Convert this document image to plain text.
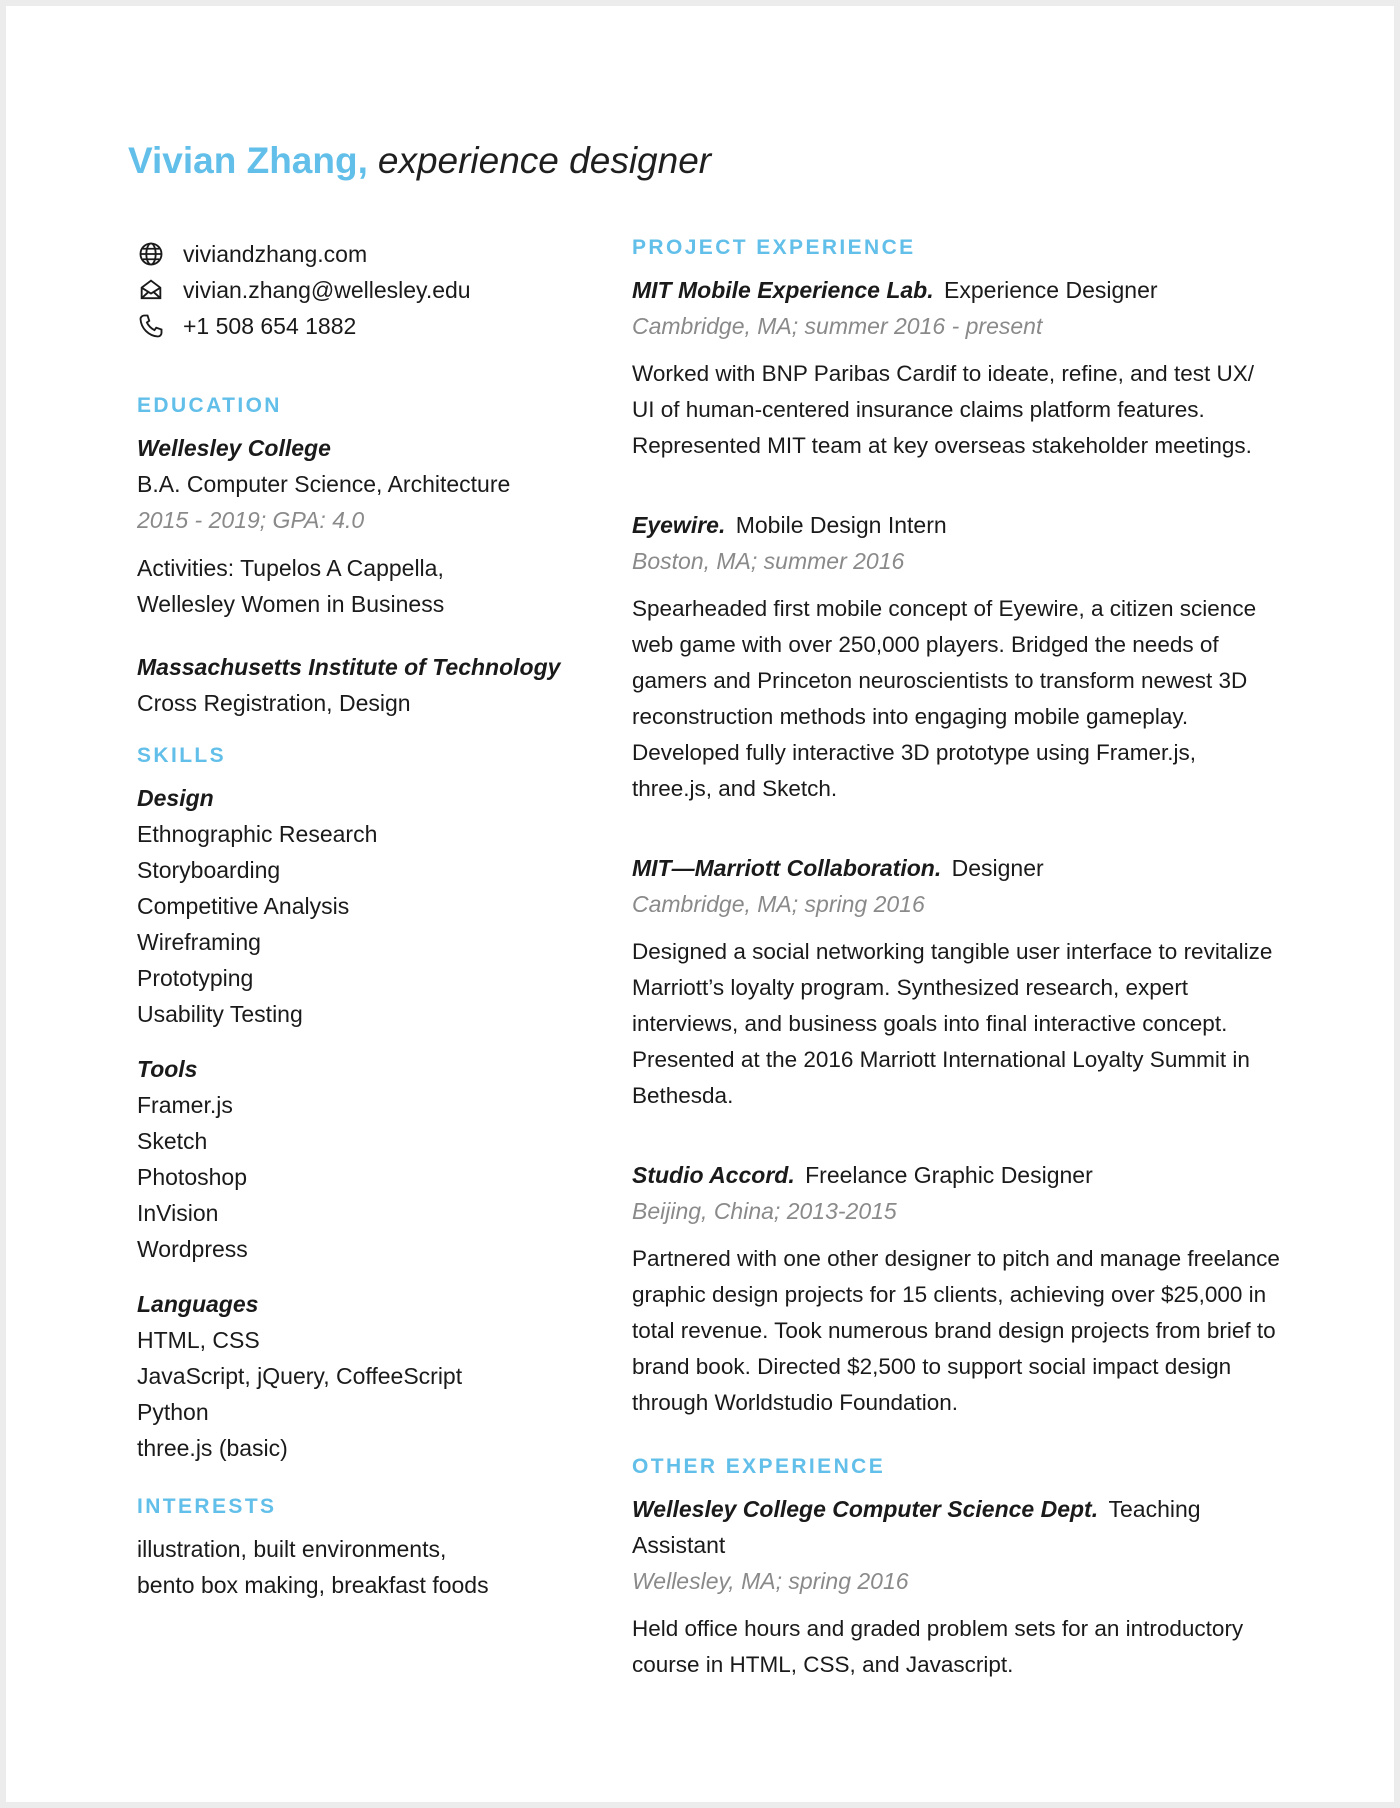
Vivian Zhang, experience designer
viviandzhang.com
vivian.zhang@wellesley.edu
+1 508 654 1882
EDUCATION
Wellesley College
B.A. Computer Science, Architecture
2015 - 2019; GPA: 4.0
Activities: Tupelos A Cappella,
Wellesley Women in Business
Massachusetts Institute of Technology
Cross Registration, Design
SKILLS
Design
Ethnographic Research
Storyboarding
Competitive Analysis
Wireframing
Prototyping
Usability Testing
Tools
Framer.js
Sketch
Photoshop
InVision
Wordpress
Languages
HTML, CSS
JavaScript, jQuery, CoffeeScript
Python
three.js (basic)
INTERESTS
illustration, built environments,
bento box making, breakfast foods
PROJECT EXPERIENCE
MIT Mobile Experience Lab. Experience Designer
Cambridge, MA; summer 2016 - present
Worked with BNP Paribas Cardif to ideate, refine, and test UX/
UI of human-centered insurance claims platform features.
Represented MIT team at key overseas stakeholder meetings.
Eyewire. Mobile Design Intern
Boston, MA; summer 2016
Spearheaded first mobile concept of Eyewire, a citizen science
web game with over 250,000 players. Bridged the needs of
gamers and Princeton neuroscientists to transform newest 3D
reconstruction methods into engaging mobile gameplay.
Developed fully interactive 3D prototype using Framer.js,
three.js, and Sketch.
MIT—Marriott Collaboration. Designer
Cambridge, MA; spring 2016
Designed a social networking tangible user interface to revitalize
Marriott’s loyalty program. Synthesized research, expert
interviews, and business goals into final interactive concept.
Presented at the 2016 Marriott International Loyalty Summit in
Bethesda.
Studio Accord. Freelance Graphic Designer
Beijing, China; 2013-2015
Partnered with one other designer to pitch and manage freelance
graphic design projects for 15 clients, achieving over $25,000 in
total revenue. Took numerous brand design projects from brief to
brand book. Directed $2,500 to support social impact design
through Worldstudio Foundation.
OTHER EXPERIENCE
Wellesley College Computer Science Dept. Teaching Assistant
Wellesley, MA; spring 2016
Held office hours and graded problem sets for an introductory
course in HTML, CSS, and Javascript.
